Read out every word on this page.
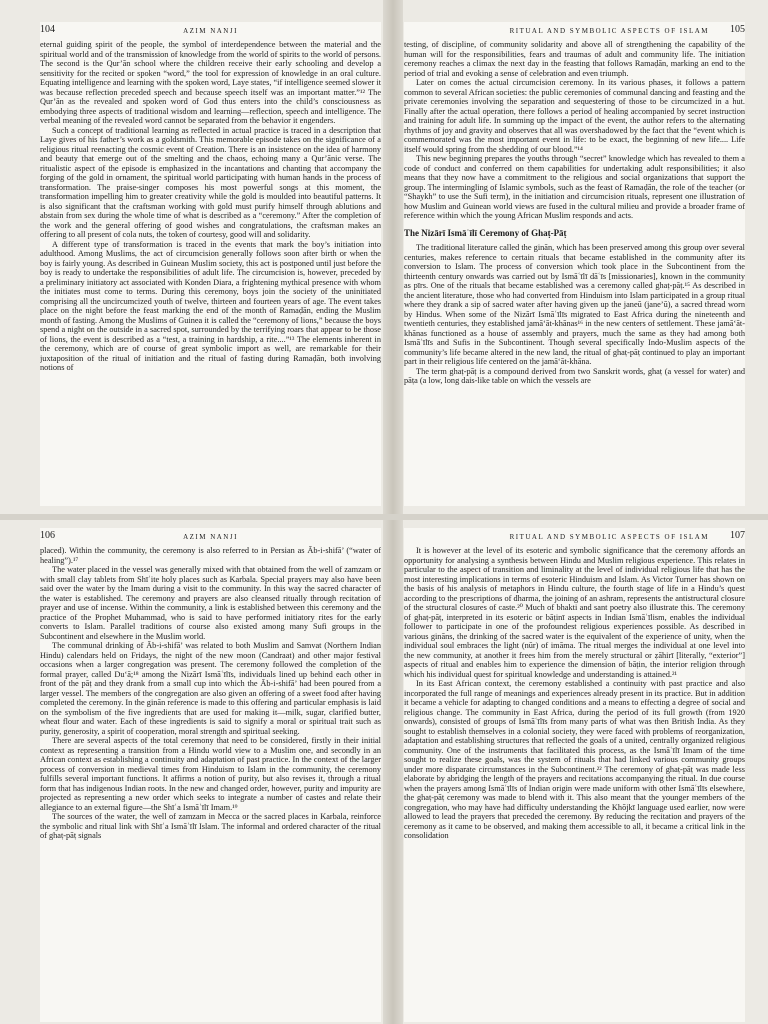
104	AZIM NANJI

eternal guiding spirit of the people, the symbol of interdependence between the material and the spiritual world and of the transmission of knowledge from the world of spirits to the world of persons. The second is the Qur’ān school where the children receive their early schooling and develop a sensitivity for the recited or spoken “word,” the tool for expression of knowledge in an oral culture. Equating intelligence and learning with the spoken word, Laye states, “if intelligence seemed slower it was because reflection preceded speech and because speech itself was an important matter.”¹² The Qur’ān as the revealed and spoken word of God thus enters into the child’s consciousness as embodying three aspects of traditional wisdom and learning—reflection, speech and intelligence. The verbal meaning of the revealed word cannot be separated from the behavior it engenders.

Such a concept of traditional learning as reflected in actual practice is traced in a description that Laye gives of his father’s work as a goldsmith. This memorable episode takes on the significance of a religious ritual reenacting the cosmic event of Creation. There is an insistence on the idea of harmony and beauty that emerge out of the smelting and the chaos, echoing many a Qur’ānic verse. The ritualistic aspect of the episode is emphasized in the incantations and chanting that accompany the forging of the gold in ornament, the spiritual world participating with human hands in the process of transformation. The praise-singer composes his most powerful songs at this moment, the transformation impelling him to greater creativity while the gold is moulded into beautiful patterns. It is also significant that the craftsman working with gold must purify himself through ablutions and abstain from sex during the whole time of what is described as a “ceremony.” After the completion of the work and the general offering of good wishes and congratulations, the craftsman makes an offering to all present of cola nuts, the token of courtesy, good will and solidarity.

A different type of transformation is traced in the events that mark the boy’s initiation into adulthood. Among Muslims, the act of circumcision generally follows soon after birth or when the boy is fairly young. As described in Guinean Muslim society, this act is postponed until just before the boy is ready to undertake the responsibilities of adult life. The circumcision is, however, preceded by a preliminary initiatory act associated with Konden Diara, a frightening mythical presence with whom the initiates must come to terms. During this ceremony, boys join the society of the uninitiated comprising all the uncircumcized youth of twelve, thirteen and fourteen years of age. The event takes place on the night before the feast marking the end of the month of Ramaḍān, ending the Muslim month of fasting. Among the Muslims of Guinea it is called the “ceremony of lions,” because the boys spend a night on the outside in a sacred spot, surrounded by the terrifying roars that appear to be those of lions, the event is described as a “test, a training in hardship, a rite....”¹³ The elements inherent in the ceremony, which are of course of great symbolic import as well, are remarkable for their juxtaposition of the ritual of initiation and the ritual of fasting during Ramaḍān, both involving notions of

RITUAL AND SYMBOLIC ASPECTS OF ISLAM 105

testing, of discipline, of community solidarity and above all of strengthening the capability of the human will for the responsibilities, fears and traumas of adult and community life. The initiation ceremony reaches a climax the next day in the feasting that follows Ramaḍān, marking an end to the period of trial and evoking a sense of celebration and even triumph.

Later on comes the actual circumcision ceremony. In its various phases, it follows a pattern common to several African societies: the public ceremonies of communal dancing and feasting and the private ceremonies involving the separation and sequestering of those to be circumcized in a hut. Finally after the actual operation, there follows a period of healing accompanied by secret instruction and training for adult life. In summing up the impact of the event, the author refers to the alternating rhythms of joy and gravity and observes that all was overshadowed by the fact that the “event which is commemorated was the most important event in life: to be exact, the beginning of new life.... Life itself would spring from the shedding of our blood.”¹⁴

This new beginning prepares the youths through “secret” knowledge which has revealed to them a code of conduct and conferred on them capabilities for undertaking adult responsibilities; it also means that they now have a commitment to the religious and social organizations that support the group. The intermingling of Islamic symbols, such as the feast of Ramaḍān, the role of the teacher (or “Shaykh” to use the Sufi term), in the initiation and circumcision rituals, represent one illustration of how Muslim and Guinean world views are fused in the cultural milieu and provide a broader frame of reference within which the young African Muslim responds and acts.

The Nizārī Ismāʿīlī Ceremony of Ghaṭ-Pāṭ

The traditional literature called the ginān, which has been preserved among this group over several centuries, makes reference to certain rituals that became established in the community after its conversion to Islam. The process of conversion which took place in the Subcontinent from the thirteenth century onwards was carried out by Ismāʿīlī dāʿīs [missionaries], known in the community as pīrs. One of the rituals that became established was a ceremony called ghaṭ-pāṭ.¹⁵ As described in the ancient literature, those who had converted from Hinduism into Islam participated in a group ritual where they drank a sip of sacred water after having given up the janeū (jane’ū), a sacred thread worn by Hindus. When some of the Nizārī Ismāʿīlīs migrated to East Africa during the nineteenth and twentieth centuries, they established jamā‘āt-khānas¹⁶ in the new centers of settlement. These jamā‘āt-khānas functioned as a house of assembly and prayers, much the same as they had among both Ismāʿīlīs and Sufis in the Subcontinent. Though several specifically Indo-Muslim aspects of the community’s life became altered in the new land, the ritual of ghaṭ-pāṭ continued to play an important part in their religious life centered on the jamā‘āt-khāna.

The term ghaṭ-pāṭ is a compound derived from two Sanskrit words, ghaṭ (a vessel for water) and pāṭa (a low, long dais-like table on which the vessels are

106	AZIM NANJI

placed). Within the community, the ceremony is also referred to in Persian as Āb-i-shifā’ (“water of healing”).¹⁷

The water placed in the vessel was generally mixed with that obtained from the well of zamzam or with small clay tablets from Shīʿite holy places such as Karbala. Special prayers may also have been said over the water by the Imam during a visit to the community. In this way the sacred character of the water is established. The ceremony and prayers are also cleansed ritually through recitation of prayer and use of incense. Within the community, a link is established between this ceremony and the practice of the Prophet Muhammad, who is said to have performed initiatory rites for the early converts to Islam. Parallel traditions of course also existed among many Sufi groups in the Subcontinent and elsewhere in the Muslim world.

The communal drinking of Āb-i-shifā’ was related to both Muslim and Samvat (Northern Indian Hindu) calendars held on Fridays, the night of the new moon (Candraat) and other major festival occasions when a larger congregation was present. The ceremony followed the completion of the formal prayer, called Du‘ā;¹⁸ among the Nizārī Ismāʿīlīs, individuals lined up behind each other in front of the pāṭ and they drank from a small cup into which the Āb-i-shifā’ had been poured from a larger vessel. The members of the congregation are also given an offering of a sweet food after having completed the ceremony. In the ginān reference is made to this offering and particular emphasis is laid on the symbolism of the five ingredients that are used for making it—milk, sugar, clarified butter, wheat flour and water. Each of these ingredients is said to signify a moral or spiritual trait such as purity, generosity, a spirit of cooperation, moral strength and spiritual seeking.

There are several aspects of the total ceremony that need to be considered, firstly in their initial context as representing a transition from a Hindu world view to a Muslim one, and secondly in an African context as establishing a continuity and adaptation of past practice. In the context of the larger process of conversion in medieval times from Hinduism to Islam in the community, the ceremony fulfills several important functions. It affirms a notion of purity, but also revises it, through a ritual form that has indigenous Indian roots. In the new and changed order, however, purity and impurity are projected as representing a new order which seeks to integrate a number of castes and relate their allegiance to an external figure—the Shīʿa Ismāʿīlī Imam.¹⁹

The sources of the water, the well of zamzam in Mecca or the sacred places in Karbala, reinforce the symbolic and ritual link with Shīʿa Ismāʿīlī Islam. The informal and ordered character of the ritual of ghaṭ-pāṭ signals

RITUAL AND SYMBOLIC ASPECTS OF ISLAM 107

It is however at the level of its esoteric and symbolic significance that the ceremony affords an opportunity for analysing a synthesis between Hindu and Muslim religious experience. This relates in particular to the aspect of transition and liminality at the level of individual religious life that has the most interesting implications in terms of esoteric Hinduism and Islam. As Victor Turner has shown on the basis of his analysis of metaphors in Hindu culture, the fourth stage of life in a Hindu’s quest according to the prescriptions of dharma, the joining of an ashram, represents the antistructural closure of the structural closures of caste.²⁰ Much of bhakti and sant poetry also illustrate this. The ceremony of ghaṭ-pāṭ, interpreted in its esoteric or bāṭinī aspects in Indian Ismāʿīlism, enables the individual follower to participate in one of the profoundest religious experiences possible. As described in various gināns, the drinking of the sacred water is the equivalent of the experience of unity, when the individual soul embraces the light (nūr) of imāma. The ritual merges the individual at one level into the new community, at another it frees him from the merely structural or ẓāhirī [literally, “exterior”] aspects of ritual and enables him to experience the dimension of bāṭin, the interior religion through which his individual quest for spiritual knowledge and understanding is attained.²¹

In its East African context, the ceremony established a continuity with past practice and also incorporated the full range of meanings and experiences already present in its practice. But in addition it became a vehicle for adapting to changed conditions and a means to effecting a degree of social and religious change. The community in East Africa, during the period of its full growth (from 1920 onwards), consisted of groups of Ismāʿīlīs from many parts of what was then British India. As they sought to establish themselves in a colonial society, they were faced with problems of reorganization, adaptation and establishing structures that reflected the goals of a united, centrally organized religious community. One of the instruments that facilitated this process, as the Ismāʿīlī Imam of the time sought to realize these goals, was the system of rituals that had linked various community groups under more disparate circumstances in the Subcontinent.²² The ceremony of ghaṭ-pāṭ was made less elaborate by abridging the length of the prayers and recitations accompanying the ritual. In due course when the prayers among Ismāʿīlīs of Indian origin were made uniform with other Ismāʿīlīs elsewhere, the ghaṭ-pāṭ ceremony was made to blend with it. This also meant that the younger members of the congregation, who may have had difficulty understanding the Khōjkī language used earlier, now were allowed to lead the prayers that preceded the ceremony. By reducing the recitation and prayers of the ceremony as it came to be observed, and making them accessible to all, it became a critical link in the consolidation
